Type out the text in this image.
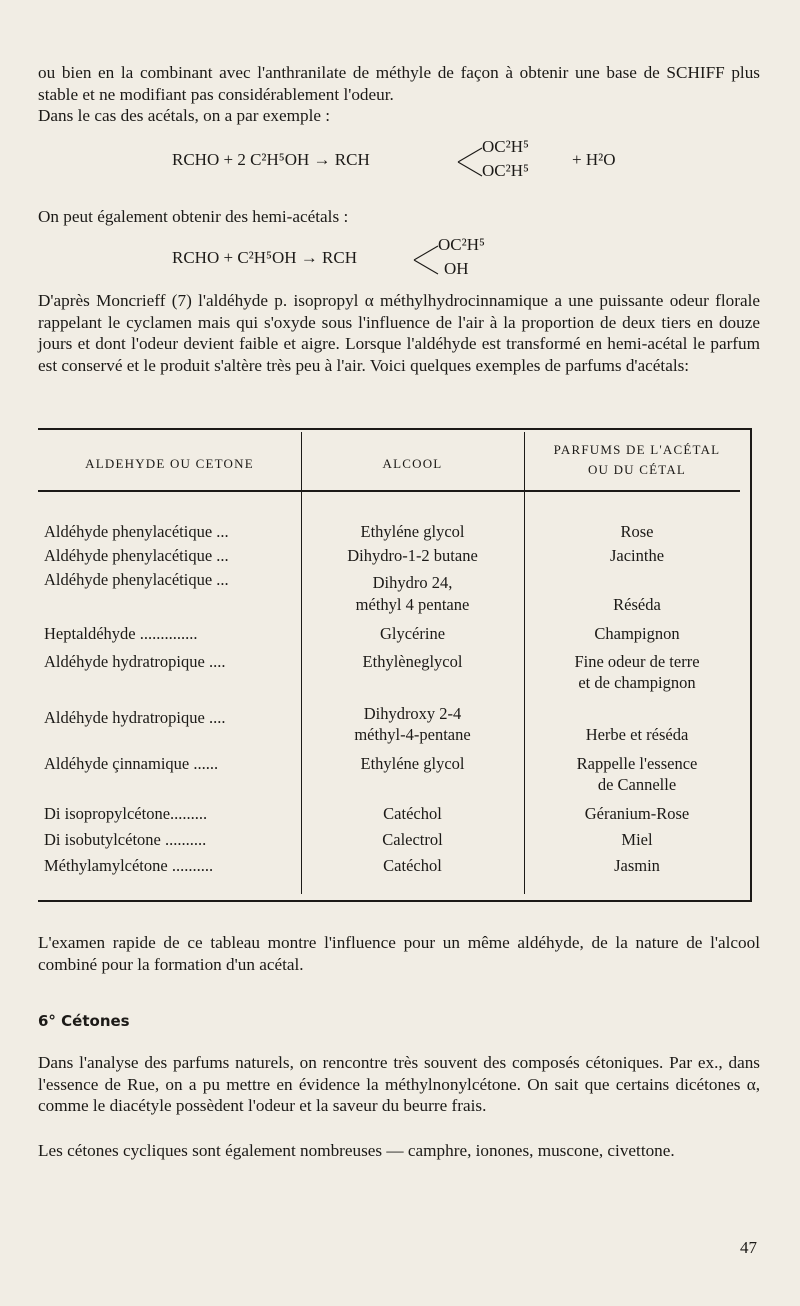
ou bien en la combinant avec l'anthranilate de méthyle de façon à obtenir une base de SCHIFF plus stable et ne modifiant pas considérablement l'odeur.

Dans le cas des acétals, on a par exemple :

RCHO + 2 C²H⁵OH → RCH
OC²H⁵
OC²H⁵
+ H²O

On peut également obtenir des hemi-acétals :

RCHO + C²H⁵OH → RCH
OC²H⁵
OH

D'après Moncrieff (7) l'aldéhyde p. isopropyl α méthylhydrocinnamique a une puissante odeur florale rappelant le cyclamen mais qui s'oxyde sous l'influence de l'air à la proportion de deux tiers en douze jours et dont l'odeur devient faible et aigre. Lorsque l'aldéhyde est transformé en hemi-acétal le parfum est conservé et le produit s'altère très peu à l'air. Voici quelques exemples de parfums d'acétals:

ALDEHYDE OU CETONE	ALCOOL
PARFUMS DE L'ACÉTAL
OU DU CÉTAL
Aldéhyde phenylacétique ...	Ethyléne glycol	Rose
Aldéhyde phenylacétique ...	Dihydro-1-2 butane	Jacinthe
Aldéhyde phenylacétique ...	Dihydro 24,
méthyl 4 pentane	Réséda
Heptaldéhyde ..............	Glycérine	Champignon
Aldéhyde hydratropique ....	Ethylèneglycol	Fine odeur de terre
et de champignon
Aldéhyde hydratropique ....	Dihydroxy 2-4
méthyl-4-pentane	Herbe et réséda
Aldéhyde çinnamique ......	Ethyléne glycol	Rappelle l'essence
de Cannelle
Di isopropylcétone.........	Catéchol	Géranium-Rose
Di isobutylcétone ..........	Calectrol	Miel
Méthylamylcétone ..........	Catéchol	Jasmin

L'examen rapide de ce tableau montre l'influence pour un même aldéhyde, de la nature de l'alcool combiné pour la formation d'un acétal.

6° Cétones

Dans l'analyse des parfums naturels, on rencontre très souvent des composés cétoniques. Par ex., dans l'essence de Rue, on a pu mettre en évidence la méthylnonylcétone. On sait que certains dicétones α, comme le diacétyle possèdent l'odeur et la saveur du beurre frais.

Les cétones cycliques sont également nombreuses — camphre, ionones, muscone, civettone.

47
